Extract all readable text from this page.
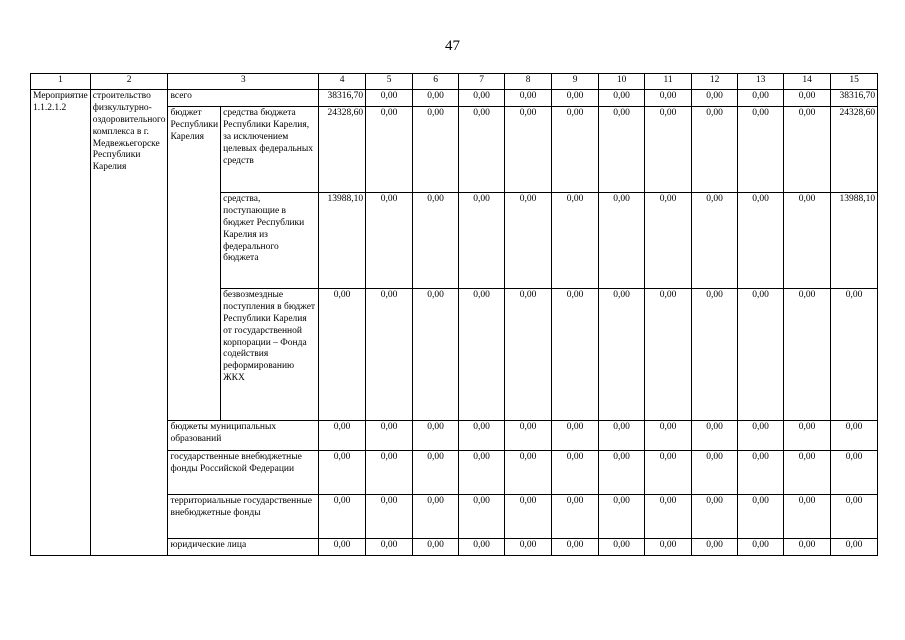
47
1	2	3		4	5	6	7	8	9	10	11	12	13	14	15
Мероприятие 1.1.2.1.2	строительство физкультурно-оздоровительного комплекса в г. Медвежьегорске Республики Карелия	всего		38316,70	0,00	0,00	0,00	0,00	0,00	0,00	0,00	0,00	0,00	0,00	38316,70
		бюджет Республики Карелия	средства бюджета Республики Карелия, за исключением целевых федеральных средств	24328,60	0,00	0,00	0,00	0,00	0,00	0,00	0,00	0,00	0,00	0,00	24328,60
			средства, поступающие в бюджет Республики Карелия из федерального бюджета	13988,10	0,00	0,00	0,00	0,00	0,00	0,00	0,00	0,00	0,00	0,00	13988,10
			безвозмездные поступления в бюджет Республики Карелия от государственной корпорации – Фонда содействия реформированию ЖКХ	0,00	0,00	0,00	0,00	0,00	0,00	0,00	0,00	0,00	0,00	0,00	0,00
		бюджеты муниципальных образований		0,00	0,00	0,00	0,00	0,00	0,00	0,00	0,00	0,00	0,00	0,00	0,00
		государственные внебюджетные фонды Российской Федерации		0,00	0,00	0,00	0,00	0,00	0,00	0,00	0,00	0,00	0,00	0,00	0,00
		территориальные государственные внебюджетные фонды		0,00	0,00	0,00	0,00	0,00	0,00	0,00	0,00	0,00	0,00	0,00	0,00
		юридические лица		0,00	0,00	0,00	0,00	0,00	0,00	0,00	0,00	0,00	0,00	0,00	0,00
